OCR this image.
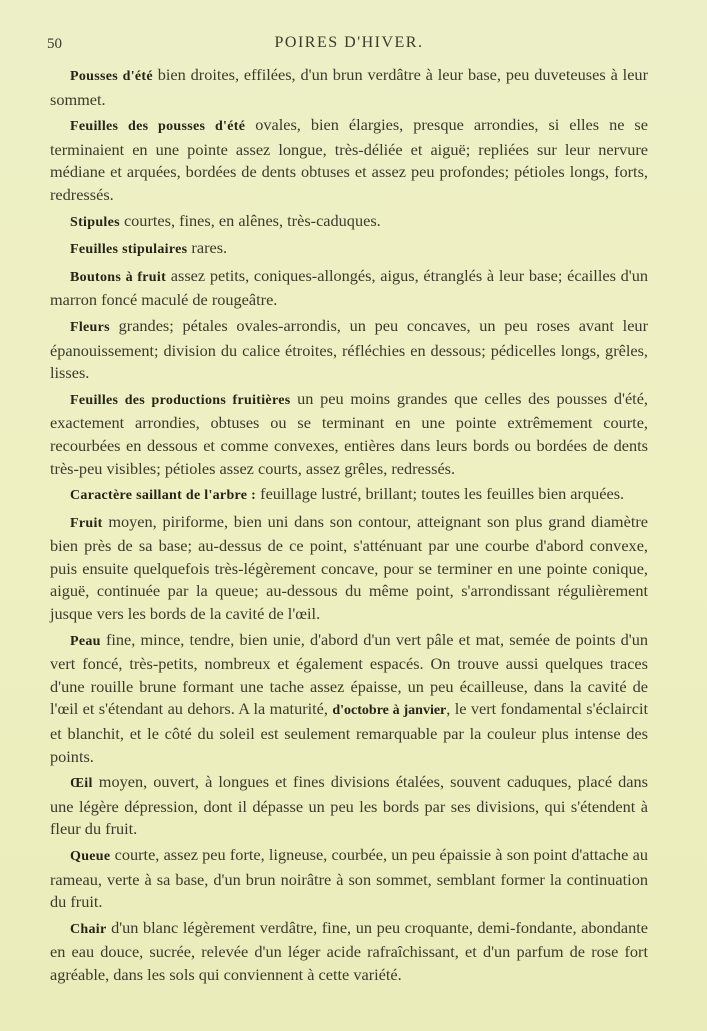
50	POIRES D'HIVER.

Pousses d'été bien droites, effilées, d'un brun verdâtre à leur base, peu duveteuses à leur sommet.

Feuilles des pousses d'été ovales, bien élargies, presque arrondies, si elles ne se terminaient en une pointe assez longue, très-déliée et aiguë; repliées sur leur nervure médiane et arquées, bordées de dents obtuses et assez peu profondes; pétioles longs, forts, redressés.

Stipules courtes, fines, en alênes, très-caduques.

Feuilles stipulaires rares.

Boutons à fruit assez petits, coniques-allongés, aigus, étranglés à leur base; écailles d'un marron foncé maculé de rougeâtre.

Fleurs grandes; pétales ovales-arrondis, un peu concaves, un peu roses avant leur épanouissement; division du calice étroites, réfléchies en dessous; pédicelles longs, grêles, lisses.

Feuilles des productions fruitières un peu moins grandes que celles des pousses d'été, exactement arrondies, obtuses ou se terminant en une pointe extrêmement courte, recourbées en dessous et comme convexes, entières dans leurs bords ou bordées de dents très-peu visibles; pétioles assez courts, assez grêles, redressés.

Caractère saillant de l'arbre : feuillage lustré, brillant; toutes les feuilles bien arquées.

Fruit moyen, piriforme, bien uni dans son contour, atteignant son plus grand diamètre bien près de sa base; au-dessus de ce point, s'atténuant par une courbe d'abord convexe, puis ensuite quelquefois très-légèrement concave, pour se terminer en une pointe conique, aiguë, continuée par la queue; au-dessous du même point, s'arrondissant régulièrement jusque vers les bords de la cavité de l'œil.

Peau fine, mince, tendre, bien unie, d'abord d'un vert pâle et mat, semée de points d'un vert foncé, très-petits, nombreux et également espacés. On trouve aussi quelques traces d'une rouille brune formant une tache assez épaisse, un peu écailleuse, dans la cavité de l'œil et s'étendant au dehors. A la maturité, d'octobre à janvier, le vert fondamental s'éclaircit et blanchit, et le côté du soleil est seulement remarquable par la couleur plus intense des points.

Œil moyen, ouvert, à longues et fines divisions étalées, souvent caduques, placé dans une légère dépression, dont il dépasse un peu les bords par ses divisions, qui s'étendent à fleur du fruit.

Queue courte, assez peu forte, ligneuse, courbée, un peu épaissie à son point d'attache au rameau, verte à sa base, d'un brun noirâtre à son sommet, semblant former la continuation du fruit.

Chair d'un blanc légèrement verdâtre, fine, un peu croquante, demi-fondante, abondante en eau douce, sucrée, relevée d'un léger acide rafraîchissant, et d'un parfum de rose fort agréable, dans les sols qui conviennent à cette variété.
